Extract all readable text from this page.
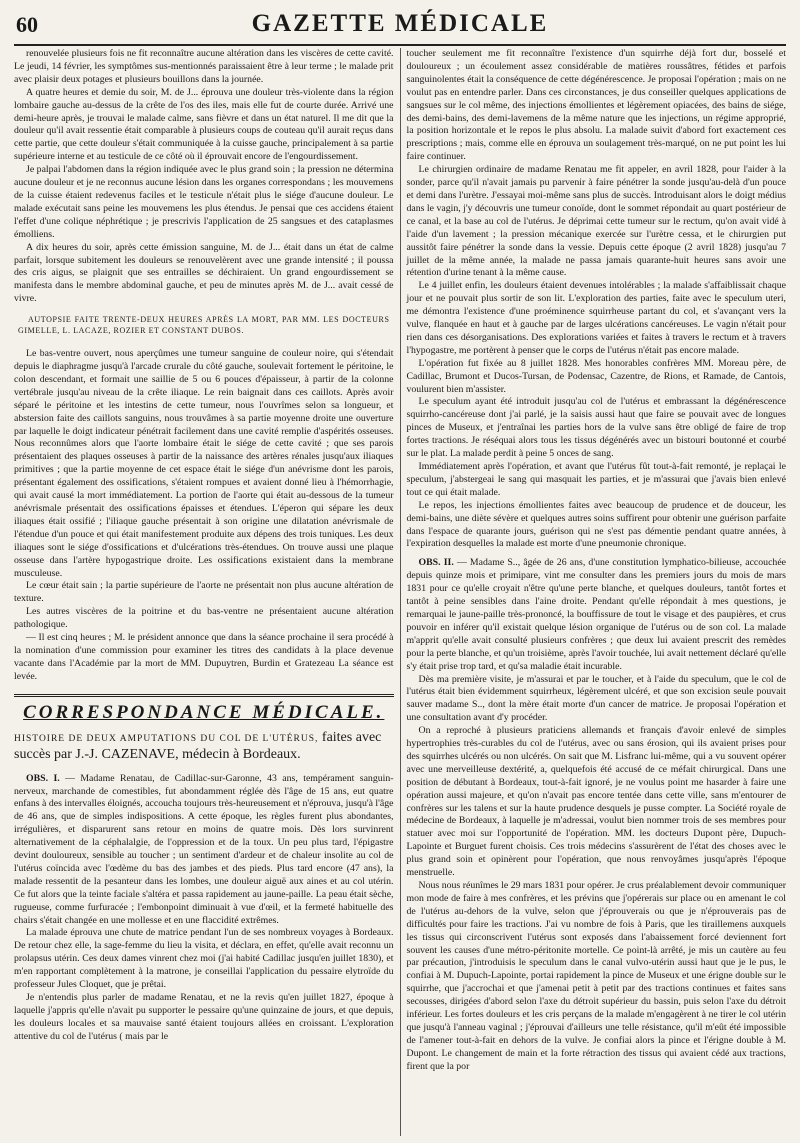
60	GAZETTE MÉDICALE

renouvelée plusieurs fois ne fit reconnaître aucune altération dans les viscères de cette cavité. Le jeudi, 14 février, les symptômes sus-mentionnés paraissaient être à leur terme ; le malade prit avec plaisir deux potages et plusieurs bouillons dans la journée.

A quatre heures et demie du soir, M. de J... éprouva une douleur très-violente dans la région lombaire gauche au-dessus de la crête de l'os des iles, mais elle fut de courte durée. Arrivé une demi-heure après, je trouvai le malade calme, sans fièvre et dans un état naturel. Il me dit que la douleur qu'il avait ressentie était comparable à plusieurs coups de couteau qu'il aurait reçus dans cette partie, que cette douleur s'était communiquée à la cuisse gauche, principalement à sa partie supérieure interne et au testicule de ce côté où il éprouvait encore de l'engourdissement.

Je palpai l'abdomen dans la région indiquée avec le plus grand soin ; la pression ne détermina aucune douleur et je ne reconnus aucune lésion dans les organes correspondans ; les mouvemens de la cuisse étaient redevenus faciles et le testicule n'était plus le siége d'aucune douleur. Le malade exécutait sans peine les mouvemens les plus étendus. Je pensai que ces accidens étaient l'effet d'une colique néphrétique ; je prescrivis l'application de 25 sangsues et des cataplasmes émolliens.

A dix heures du soir, après cette émission sanguine, M. de J... était dans un état de calme parfait, lorsque subitement les douleurs se renouvelèrent avec une grande intensité ; il poussa des cris aigus, se plaignit que ses entrailles se déchiraient. Un grand engourdissement se manifesta dans le membre abdominal gauche, et peu de minutes après M. de J... avait cessé de vivre.

AUTOPSIE FAITE TRENTE-DEUX HEURES APRÈS LA MORT, PAR MM. LES DOCTEURS GIMELLE, L. LACAZE, ROZIER ET CONSTANT DUBOS.

Le bas-ventre ouvert, nous aperçûmes une tumeur sanguine de couleur noire, qui s'étendait depuis le diaphragme jusqu'à l'arcade crurale du côté gauche, soulevait fortement le péritoine, le colon descendant, et formait une saillie de 5 ou 6 pouces d'épaisseur, à partir de la colonne vertébrale jusqu'au niveau de la crête iliaque. Le rein baignait dans ces caillots. Après avoir séparé le péritoine et les intestins de cette tumeur, nous l'ouvrîmes selon sa longueur, et abstersion faite des caillots sanguins, nous trouvâmes à sa partie moyenne droite une ouverture par laquelle le doigt indicateur pénétrait facilement dans une cavité remplie d'aspérités osseuses. Nous reconnûmes alors que l'aorte lombaire était le siége de cette cavité ; que ses parois présentaient des plaques osseuses à partir de la naissance des artères rénales jusqu'aux iliaques primitives ; que la partie moyenne de cet espace était le siége d'un anévrisme dont les parois, présentant également des ossifications, s'étaient rompues et avaient donné lieu à l'hémorrhagie, qui avait causé la mort immédiatement. La portion de l'aorte qui était au-dessous de la tumeur anévrismale présentait des ossifications épaisses et étendues. L'éperon qui sépare les deux iliaques était ossifié ; l'iliaque gauche présentait à son origine une dilatation anévrismale de l'étendue d'un pouce et qui était manifestement produite aux dépens des trois tuniques. Les deux iliaques sont le siége d'ossifications et d'ulcérations très-étendues. On trouve aussi une plaque osseuse dans l'artère hypogastrique droite. Les ossifications existaient dans la membrane musculeuse.

Le cœur était sain ; la partie supérieure de l'aorte ne présentait non plus aucune altération de texture.

Les autres viscères de la poitrine et du bas-ventre ne présentaient aucune altération pathologique.

— Il est cinq heures ; M. le président annonce que dans la séance prochaine il sera procédé à la nomination d'une commission pour examiner les titres des candidats à la place devenue vacante dans l'Académie par la mort de MM. Dupuytren, Burdin et Gratezeau La séance est levée.

CORRESPONDANCE MÉDICALE.

HISTOIRE DE DEUX AMPUTATIONS DU COL DE L'UTÉRUS, faites avec succès par J.-J. CAZENAVE, médecin à Bordeaux.

OBS. I. — Madame Renatau, de Cadillac-sur-Garonne, 43 ans, tempérament sanguin-nerveux, marchande de comestibles, fut abondamment réglée dès l'âge de 15 ans, eut quatre enfans à des intervalles éloignés, accoucha toujours très-heureusement et n'éprouva, jusqu'à l'âge de 46 ans, que de simples indispositions. A cette époque, les règles furent plus abondantes, irrégulières, et disparurent sans retour en moins de quatre mois. Dès lors survinrent alternativement de la céphalalgie, de l'oppression et de la toux. Un peu plus tard, l'épigastre devint douloureux, sensible au toucher ; un sentiment d'ardeur et de chaleur insolite au col de l'utérus coïncida avec l'œdème du bas des jambes et des pieds. Plus tard encore (47 ans), la malade ressentit de la pesanteur dans les lombes, une douleur aiguë aux aines et au col utérin. Ce fut alors que la teinte faciale s'altéra et passa rapidement au jaune-paille. La peau était sèche, rugueuse, comme furfuracée ; l'embonpoint diminuait à vue d'œil, et la fermeté habituelle des chairs s'était changée en une mollesse et en une flaccidité extrêmes.

La malade éprouva une chute de matrice pendant l'un de ses nombreux voyages à Bordeaux. De retour chez elle, la sage-femme du lieu la visita, et déclara, en effet, qu'elle avait reconnu un prolapsus utérin. Ces deux dames vinrent chez moi (j'ai habité Cadillac jusqu'en juillet 1830), et m'en rapportant complètement à la matrone, je conseillai l'application du pessaire elytroïde du professeur Jules Cloquet, que je prêtai.

Je n'entendis plus parler de madame Renatau, et ne la revis qu'en juillet 1827, époque à laquelle j'appris qu'elle n'avait pu supporter le pessaire qu'une quinzaine de jours, et que depuis, les douleurs locales et sa mauvaise santé étaient toujours allées en croissant. L'exploration attentive du col de l'utérus ( mais par le

toucher seulement me fit reconnaître l'existence d'un squirrhe déjà fort dur, bosselé et douloureux ; un écoulement assez considérable de matières roussâtres, fétides et parfois sanguinolentes était la conséquence de cette dégénérescence. Je proposai l'opération ; mais on ne voulut pas en entendre parler. Dans ces circonstances, je dus conseiller quelques applications de sangsues sur le col même, des injections émollientes et légèrement opiacées, des bains de siége, des demi-bains, des demi-lavemens de la même nature que les injections, un régime approprié, la position horizontale et le repos le plus absolu. La malade suivit d'abord fort exactement ces prescriptions ; mais, comme elle en éprouva un soulagement très-marqué, on ne put point les lui faire continuer.

Le chirurgien ordinaire de madame Renatau me fit appeler, en avril 1828, pour l'aider à la sonder, parce qu'il n'avait jamais pu parvenir à faire pénétrer la sonde jusqu'au-delà d'un pouce et demi dans l'urètre. J'essayai moi-même sans plus de succès. Introduisant alors le doigt médius dans le vagin, j'y découvris une tumeur conoïde, dont le sommet répondait au quart postérieur de ce canal, et la base au col de l'utérus. Je déprimai cette tumeur sur le rectum, qu'on avait vidé à l'aide d'un lavement ; la pression mécanique exercée sur l'urètre cessa, et le chirurgien put aussitôt faire pénétrer la sonde dans la vessie. Depuis cette époque (2 avril 1828) jusqu'au 7 juillet de la même année, la malade ne passa jamais quarante-huit heures sans avoir une rétention d'urine tenant à la même cause.

Le 4 juillet enfin, les douleurs étaient devenues intolérables ; la malade s'affaiblissait chaque jour et ne pouvait plus sortir de son lit. L'exploration des parties, faite avec le speculum uteri, me démontra l'existence d'une proéminence squirrheuse partant du col, et s'avançant vers la vulve, flanquée en haut et à gauche par de larges ulcérations cancéreuses. Le vagin n'était pour rien dans ces désorganisations. Des explorations variées et faites à travers le rectum et à travers l'hypogastre, me portèrent à penser que le corps de l'utérus n'était pas encore malade.

L'opération fut fixée au 8 juillet 1828. Mes honorables confrères MM. Moreau père, de Cadillac, Brumont et Ducos-Tursan, de Podensac, Cazentre, de Rions, et Ramade, de Cantois, voulurent bien m'assister.

Le speculum ayant été introduit jusqu'au col de l'utérus et embrassant la dégénérescence squirrho-cancéreuse dont j'ai parlé, je la saisis aussi haut que faire se pouvait avec de longues pinces de Museux, et j'entraînai les parties hors de la vulve sans être obligé de faire de trop fortes tractions. Je réséquai alors tous les tissus dégénérés avec un bistouri boutonné et courbé sur le plat. La malade perdit à peine 5 onces de sang.

Immédiatement après l'opération, et avant que l'utérus fût tout-à-fait remonté, je replaçai le speculum, j'abstergeai le sang qui masquait les parties, et je m'assurai que j'avais bien enlevé tout ce qui était malade.

Le repos, les injections émollientes faites avec beaucoup de prudence et de douceur, les demi-bains, une diète sévère et quelques autres soins suffirent pour obtenir une guérison parfaite dans l'espace de quarante jours, guérison qui ne s'est pas démentie pendant quatre années, à l'expiration desquelles la malade est morte d'une pneumonie chronique.

OBS. II. — Madame S.., âgée de 26 ans, d'une constitution lymphatico-bilieuse, accouchée depuis quinze mois et primipare, vint me consulter dans les premiers jours du mois de mars 1831 pour ce qu'elle croyait n'être qu'une perte blanche, et quelques douleurs, tantôt fortes et tantôt à peine sensibles dans l'aine droite. Pendant qu'elle répondait à mes questions, je remarquai le jaune-paille très-prononcé, la bouffissure de tout le visage et des paupières, et crus pouvoir en inférer qu'il existait quelque lésion organique de l'utérus ou de son col. La malade m'apprit qu'elle avait consulté plusieurs confrères ; que deux lui avaient prescrit des remèdes pour la perte blanche, et qu'un troisième, après l'avoir touchée, lui avait nettement déclaré qu'elle s'y était prise trop tard, et qu'sa maladie était incurable.

Dès ma première visite, je m'assurai et par le toucher, et à l'aide du speculum, que le col de l'utérus était bien évidemment squirrheux, légèrement ulcéré, et que son excision seule pouvait sauver madame S.., dont la mère était morte d'un cancer de matrice. Je proposai l'opération et une consultation avant d'y procéder.

On a reproché à plusieurs praticiens allemands et français d'avoir enlevé de simples hypertrophies très-curables du col de l'utérus, avec ou sans érosion, qui ils avaient prises pour des squirrhes ulcérés ou non ulcérés. On sait que M. Lisfranc lui-même, qui a vu souvent opérer avec une merveilleuse dextérité, a, quelquefois été accusé de ce méfait chirurgical. Dans une position de débutant à Bordeaux, tout-à-fait ignoré, je ne voulus point me hasarder à faire une opération aussi majeure, et qu'on n'avait pas encore tentée dans cette ville, sans m'entourer de confrères sur les talens et sur la haute prudence desquels je pusse compter. La Société royale de médecine de Bordeaux, à laquelle je m'adressai, voulut bien nommer trois de ses membres pour statuer avec moi sur l'opportunité de l'opération. MM. les docteurs Dupont père, Dupuch-Lapointe et Burguet furent choisis. Ces trois médecins s'assurèrent de l'état des choses avec le plus grand soin et opinèrent pour l'opération, que nous renvoyâmes jusqu'après l'époque menstruelle.

Nous nous réunîmes le 29 mars 1831 pour opérer. Je crus préalablement devoir communiquer mon mode de faire à mes confrères, et les prévins que j'opérerais sur place ou en amenant le col de l'utérus au-dehors de la vulve, selon que j'éprouverais ou que je n'éprouverais pas de difficultés pour faire les tractions. J'ai vu nombre de fois à Paris, que les tiraillemens auxquels les tissus qui circonscrivent l'utérus sont exposés dans l'abaissement forcé deviennent fort souvent les causes d'une métro-péritonite mortelle. Ce point-là arrêté, je mis un cautère au feu par précaution, j'introduisis le speculum dans le canal vulvo-utérin aussi haut que je le pus, le confiai à M. Dupuch-Lapointe, portai rapidement la pince de Museux et une érigne double sur le squirrhe, que j'accrochai et que j'amenai petit à petit par des tractions continues et faites sans secousses, dirigées d'abord selon l'axe du détroit supérieur du bassin, puis selon l'axe du détroit inférieur. Les fortes douleurs et les cris perçans de la malade m'engagèrent à ne tirer le col utérin que jusqu'à l'anneau vaginal ; j'éprouvai d'ailleurs une telle résistance, qu'il m'eût été impossible de l'amener tout-à-fait en dehors de la vulve. Je confiai alors la pince et l'érigne double à M. Dupont. Le changement de main et la forte rétraction des tissus qui avaient cédé aux tractions, firent que la por
